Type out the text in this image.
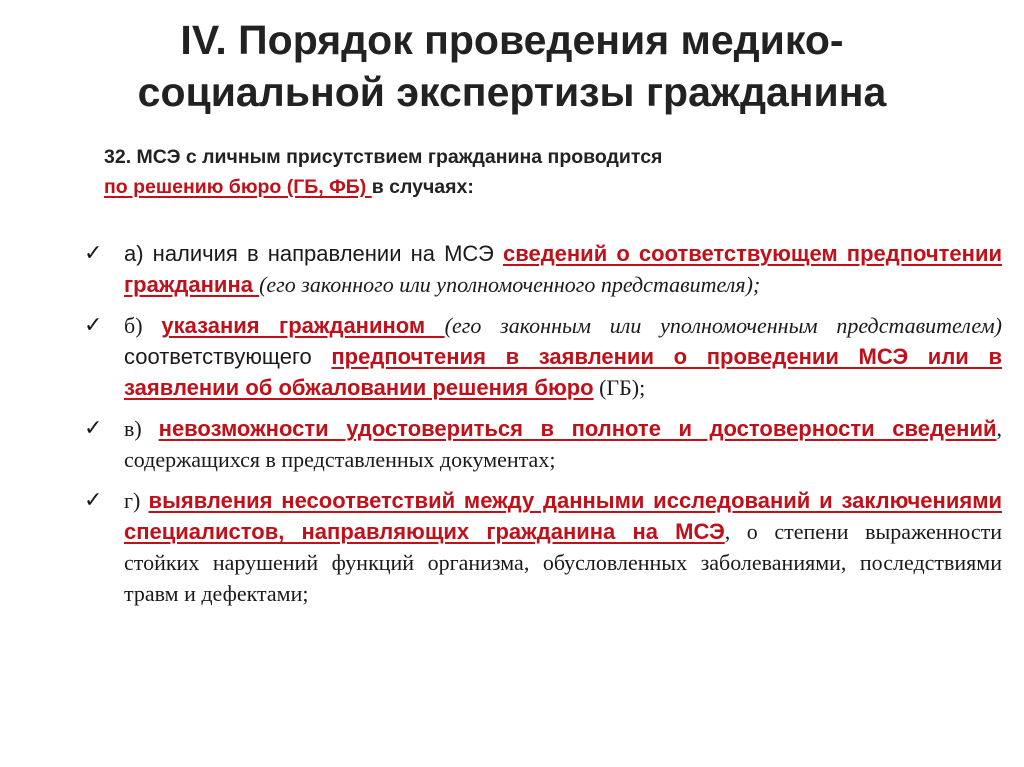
IV. Порядок проведения медико-
социальной экспертизы гражданина
32. МСЭ с личным присутствием гражданина проводится
по решению бюро (ГБ, ФБ) в случаях:
✓ а) наличия в направлении на МСЭ сведений о соответствующем предпочтении гражданина (его законного или уполномоченного представителя);
✓ б) указания гражданином (его законным или уполномоченным представителем) соответствующего предпочтения в заявлении о проведении МСЭ или в заявлении об обжаловании решения бюро (ГБ);
✓ в) невозможности удостовериться в полноте и достоверности сведений, содержащихся в представленных документах;
✓ г) выявления несоответствий между данными исследований и заключениями специалистов, направляющих гражданина на МСЭ, о степени выраженности стойких нарушений функций организма, обусловленных заболеваниями, последствиями травм и дефектами;
